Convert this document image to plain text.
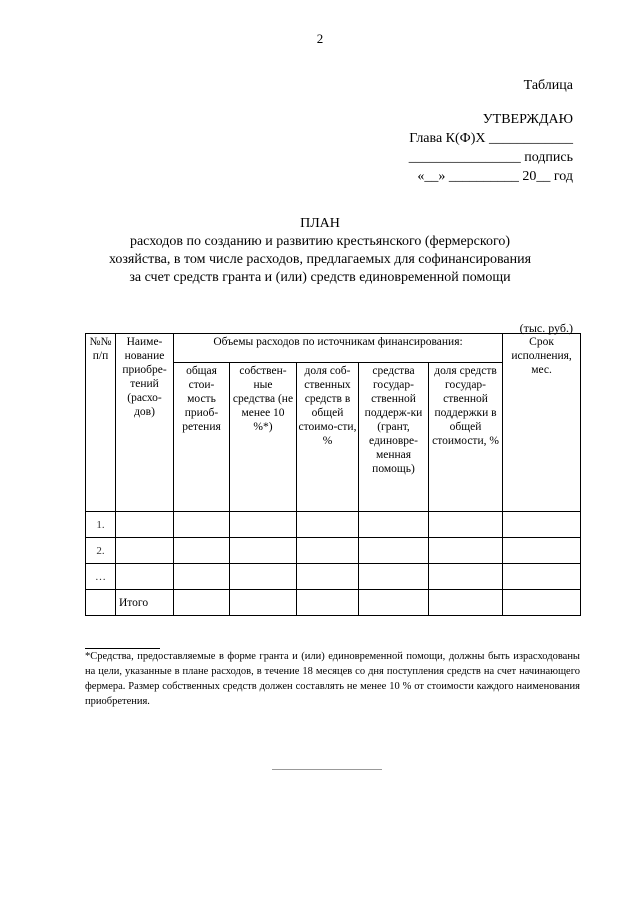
2
Таблица
УТВЕРЖДАЮ
Глава К(Ф)Х ____________
________________ подпись
«__» __________ 20__ год
ПЛАН
расходов по созданию и развитию крестьянского (фермерского)
хозяйства, в том числе расходов, предлагаемых для софинансирования
за счет средств гранта и (или) средств единовременной помощи
(тыс. руб.)
№№ п/п	Наиме-нование приобре-тений (расхо-дов)	Объемы расходов по источникам финансирования:					Срок исполнения, мес.
		общая стои-мость приоб-ретения	собствен-ные средства (не менее 10 %*)	доля соб-ственных средств в общей стоимо-сти, %	средства государ-ственной поддерж-ки (грант, единовре-менная помощь)	доля средств государ-ственной поддержки в общей стоимости, %	
1.							
2.							
…							
	Итого						
*Средства, предоставляемые в форме гранта и (или) единовременной помощи, должны быть израсходованы на цели, указанные в плане расходов, в течение 18 месяцев со дня поступления средств на счет начинающего фермера. Размер собственных средств должен составлять не менее 10 % от стоимости каждого наименования приобретения.
